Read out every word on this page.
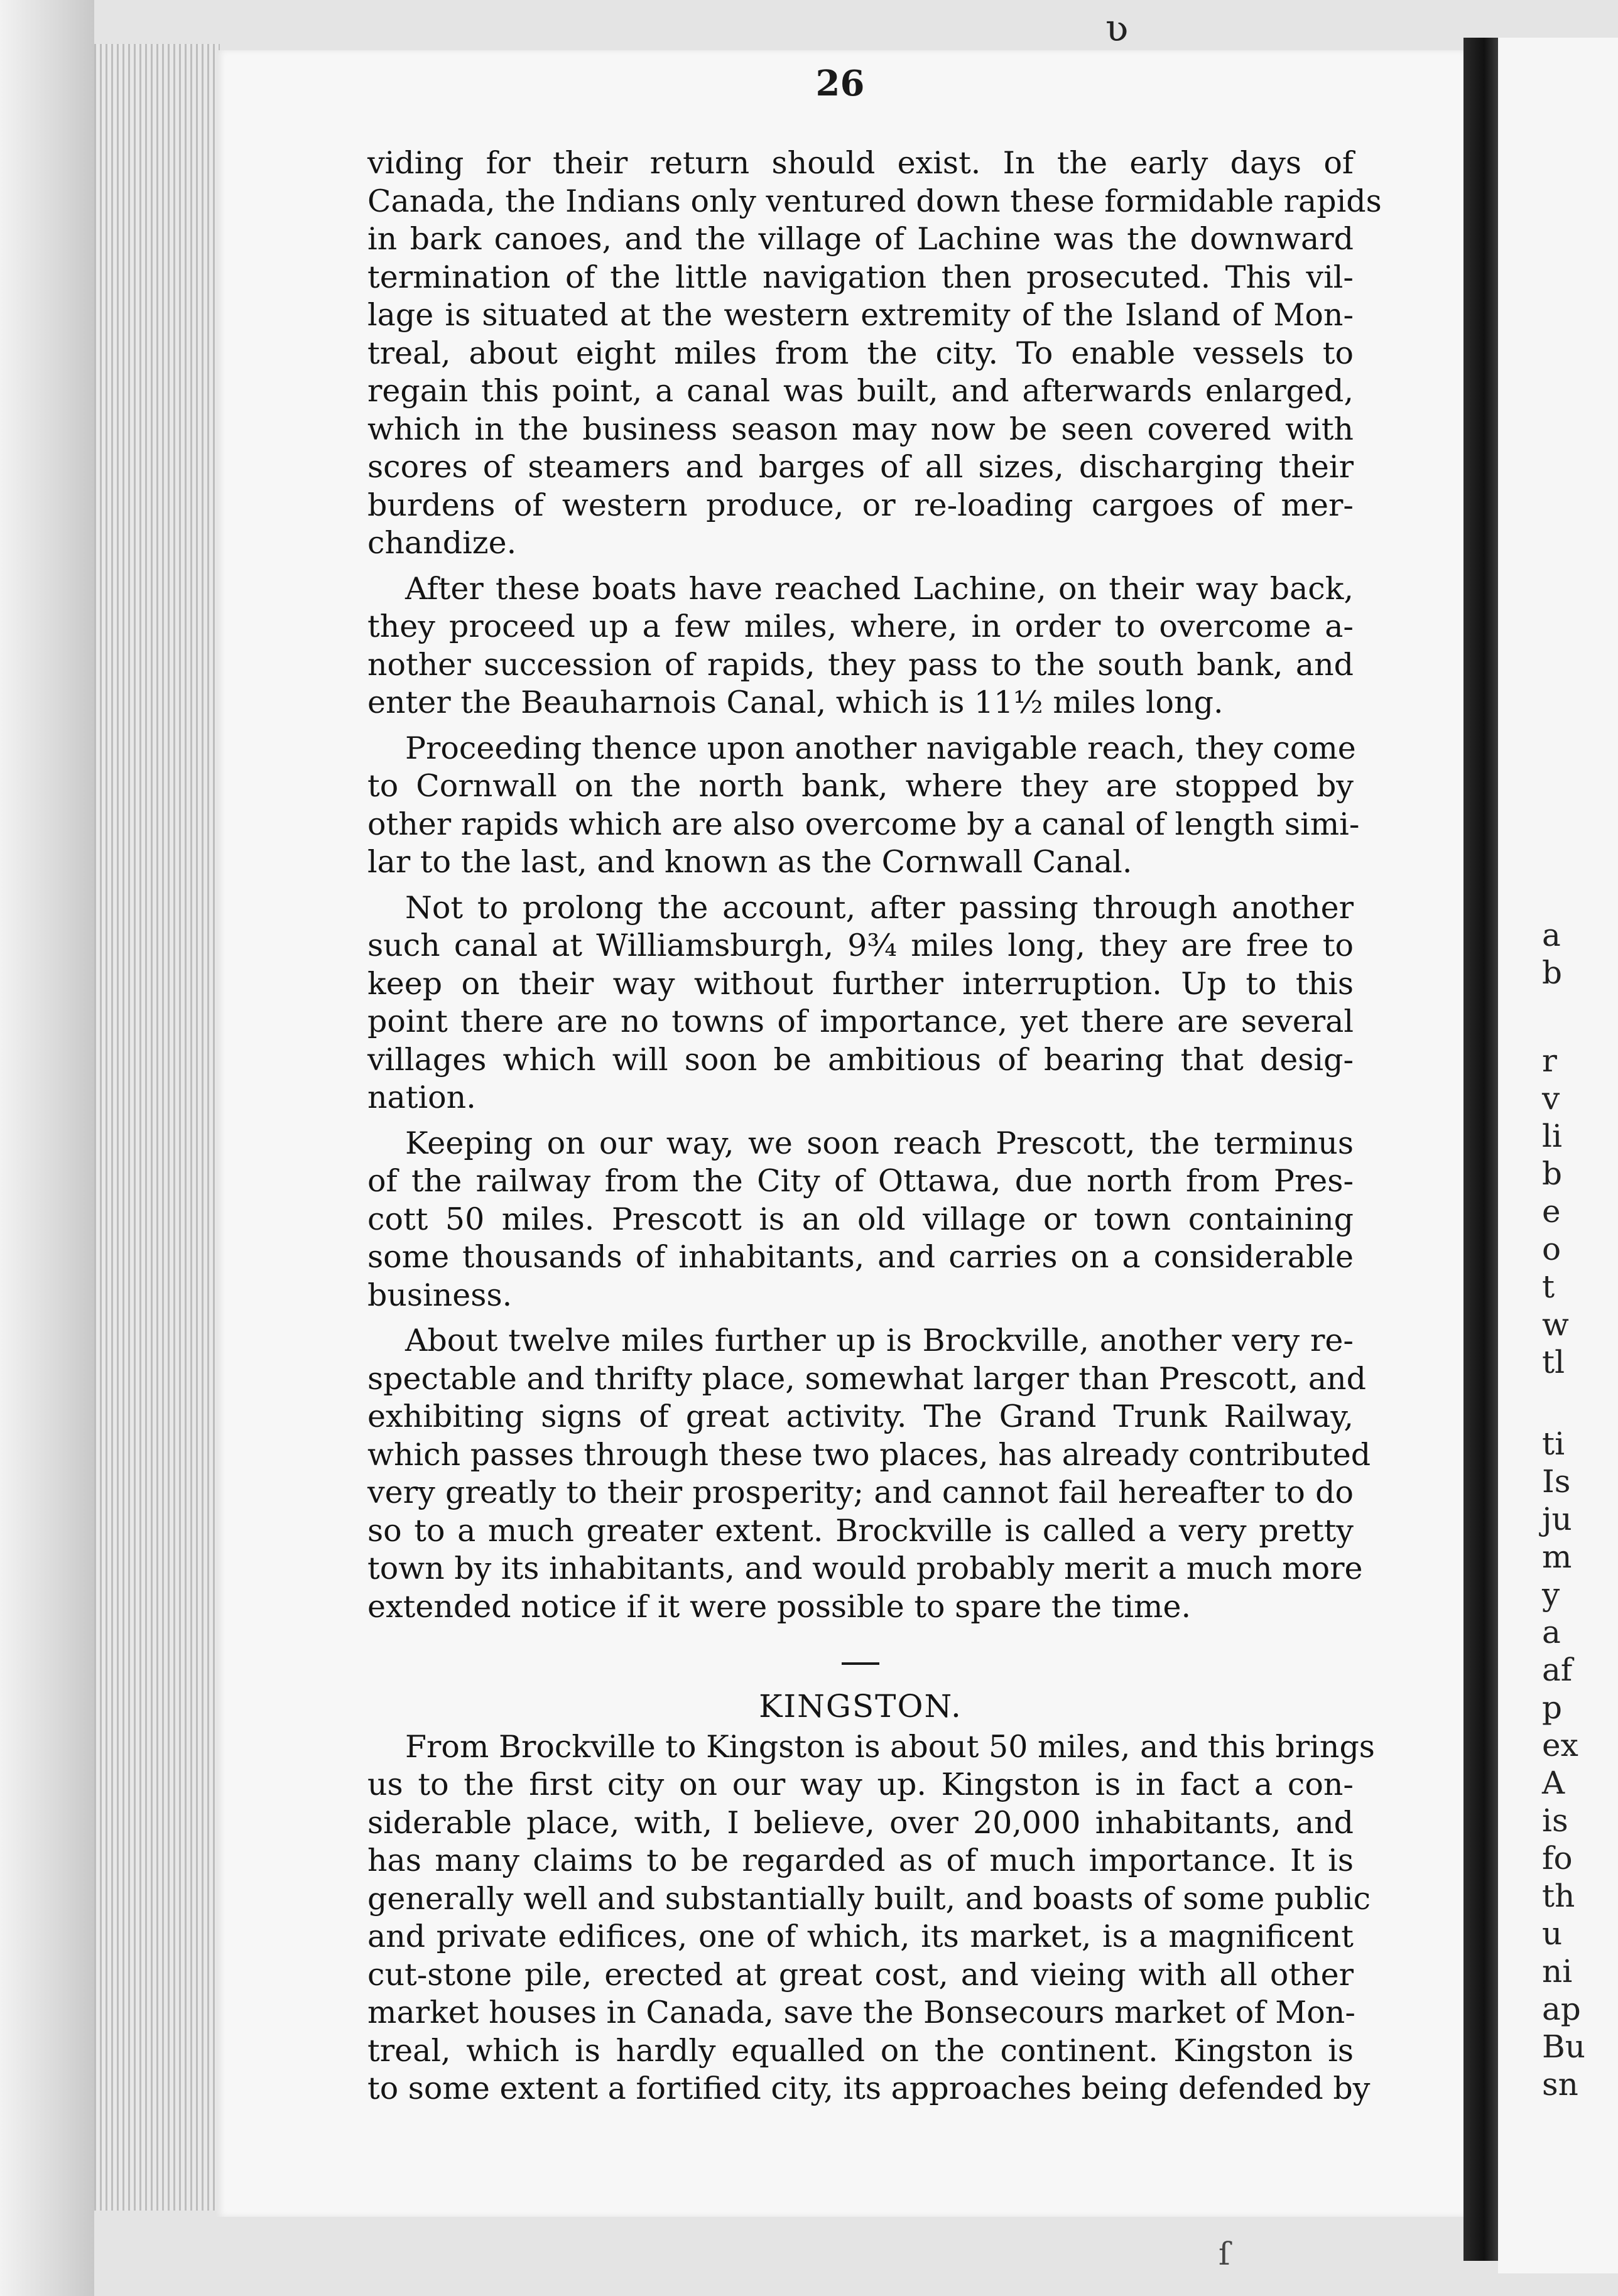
ʋ
26
viding for their return should exist. In the early days of
Canada, the Indians only ventured down these formidable rapids
in bark canoes, and the village of Lachine was the downward
termination of the little navigation then prosecuted. This vil-
lage is situated at the western extremity of the Island of Mon-
treal, about eight miles from the city. To enable vessels to
regain this point, a canal was built, and afterwards enlarged,
which in the business season may now be seen covered with
scores of steamers and barges of all sizes, discharging their
burdens of western produce, or re-loading cargoes of mer-
chandize.
After these boats have reached Lachine, on their way back,
they proceed up a few miles, where, in order to overcome a-
nother succession of rapids, they pass to the south bank, and
enter the Beauharnois Canal, which is 11½ miles long.
Proceeding thence upon another navigable reach, they come
to Cornwall on the north bank, where they are stopped by
other rapids which are also overcome by a canal of length simi-
lar to the last, and known as the Cornwall Canal.
Not to prolong the account, after passing through another
such canal at Williamsburgh, 9¾ miles long, they are free to
keep on their way without further interruption. Up to this
point there are no towns of importance, yet there are several
villages which will soon be ambitious of bearing that desig-
nation.
Keeping on our way, we soon reach Prescott, the terminus
of the railway from the City of Ottawa, due north from Pres-
cott 50 miles. Prescott is an old village or town containing
some thousands of inhabitants, and carries on a considerable
business.
About twelve miles further up is Brockville, another very re-
spectable and thrifty place, somewhat larger than Prescott, and
exhibiting signs of great activity. The Grand Trunk Railway,
which passes through these two places, has already contributed
very greatly to their prosperity; and cannot fail hereafter to do
so to a much greater extent. Brockville is called a very pretty
town by its inhabitants, and would probably merit a much more
extended notice if it were possible to spare the time.
KINGSTON.
From Brockville to Kingston is about 50 miles, and this brings
us to the first city on our way up. Kingston is in fact a con-
siderable place, with, I believe, over 20,000 inhabitants, and
has many claims to be regarded as of much importance. It is
generally well and substantially built, and boasts of some public
and private edifices, one of which, its market, is a magnificent
cut-stone pile, erected at great cost, and vieing with all other
market houses in Canada, save the Bonsecours market of Mon-
treal, which is hardly equalled on the continent. Kingston is
to some extent a fortified city, its approaches being defended by
a
b
r
v
li
b
e
o
t
w
tl
ti
Is
ju
m
y
a
af
p
ex
A
is
fo
th
u
ni
ap
Bu
sn
ſ
